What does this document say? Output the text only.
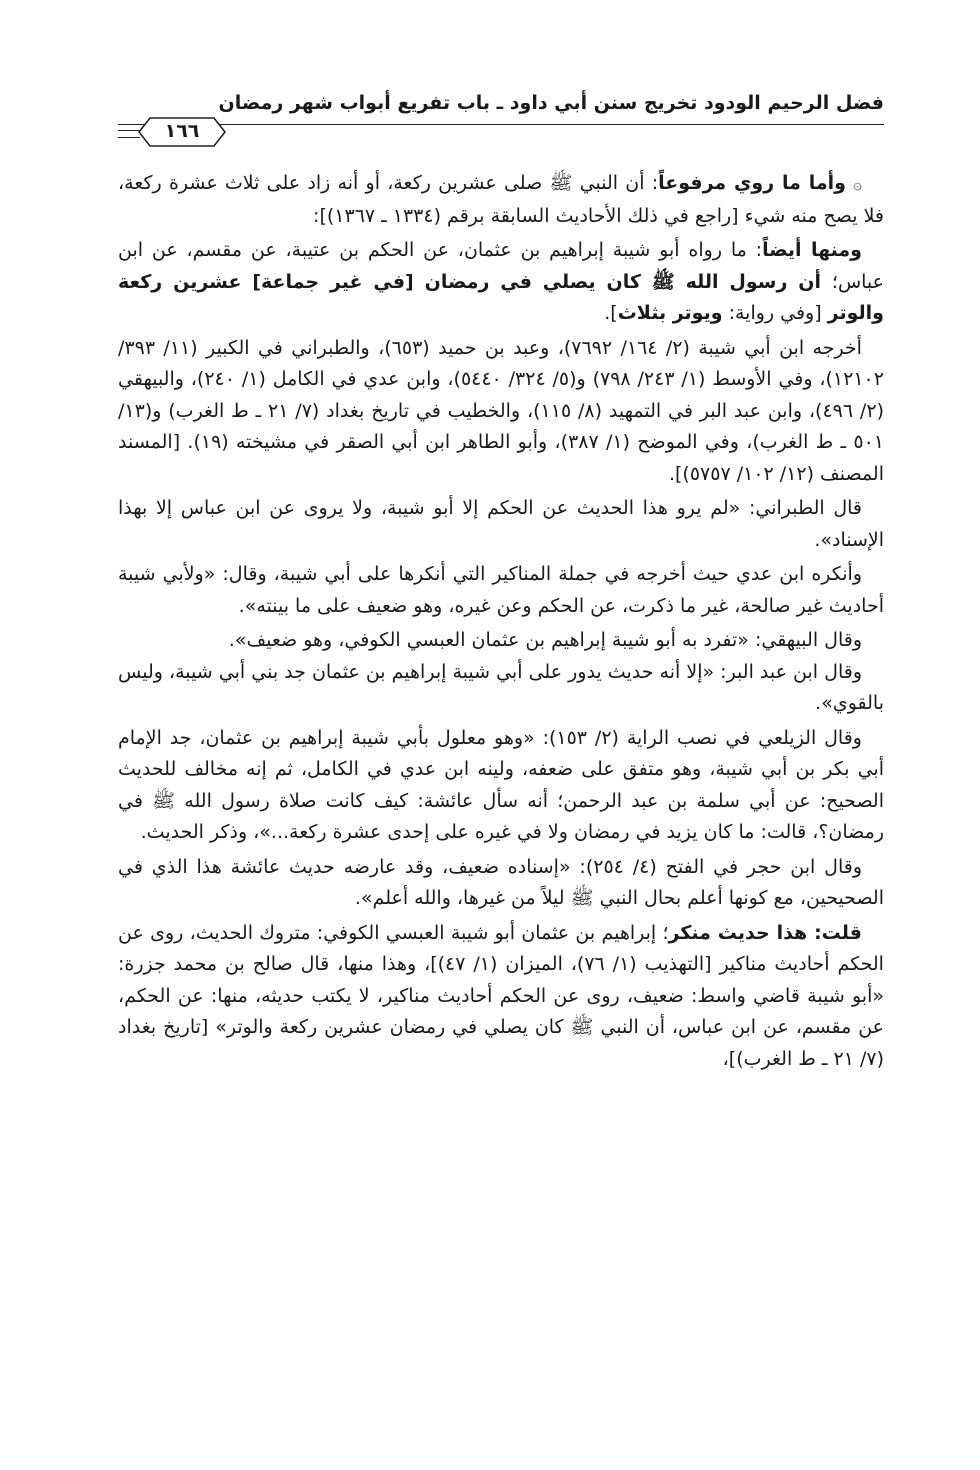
فضل الرحيم الودود تخريج سنن أبي داود ـ باب تفريع أبواب شهر رمضان
١٦٦

۞ وأما ما روي مرفوعاً: أن النبي ﷺ صلى عشرين ركعة، أو أنه زاد على ثلاث عشرة ركعة، فلا يصح منه شيء [راجع في ذلك الأحاديث السابقة برقم (١٣٣٤ ـ ١٣٦٧)]:

ومنها أيضاً: ما رواه أبو شيبة إبراهيم بن عثمان، عن الحكم بن عتيبة، عن مقسم، عن ابن عباس؛ أن رسول الله ﷺ كان يصلي في رمضان [في غير جماعة] عشرين ركعة والوتر [وفي رواية: ويوتر بثلاث].

أخرجه ابن أبي شيبة (٢/ ١٦٤/ ٧٦٩٢)، وعبد بن حميد (٦٥٣)، والطبراني في الكبير (١١/ ٣٩٣/ ١٢١٠٢)، وفي الأوسط (١/ ٢٤٣/ ٧٩٨) و(٥/ ٣٢٤/ ٥٤٤٠)، وابن عدي في الكامل (١/ ٢٤٠)، والبيهقي (٢/ ٤٩٦)، وابن عبد البر في التمهيد (٨/ ١١٥)، والخطيب في تاريخ بغداد (٧/ ٢١ ـ ط الغرب) و(١٣/ ٥٠١ ـ ط الغرب)، وفي الموضح (١/ ٣٨٧)، وأبو الطاهر ابن أبي الصقر في مشيخته (١٩). [المسند المصنف (١٢/ ١٠٢/ ٥٧٥٧)].

قال الطبراني: «لم يرو هذا الحديث عن الحكم إلا أبو شيبة، ولا يروى عن ابن عباس إلا بهذا الإسناد».

وأنكره ابن عدي حيث أخرجه في جملة المناكير التي أنكرها على أبي شيبة، وقال: «ولأبي شيبة أحاديث غير صالحة، غير ما ذكرت، عن الحكم وعن غيره، وهو ضعيف على ما بينته».

وقال البيهقي: «تفرد به أبو شيبة إبراهيم بن عثمان العبسي الكوفي، وهو ضعيف».

وقال ابن عبد البر: «إلا أنه حديث يدور على أبي شيبة إبراهيم بن عثمان جد بني أبي شيبة، وليس بالقوي».

وقال الزيلعي في نصب الراية (٢/ ١٥٣): «وهو معلول بأبي شيبة إبراهيم بن عثمان، جد الإمام أبي بكر بن أبي شيبة، وهو متفق على ضعفه، ولينه ابن عدي في الكامل، ثم إنه مخالف للحديث الصحيح: عن أبي سلمة بن عبد الرحمن؛ أنه سأل عائشة: كيف كانت صلاة رسول الله ﷺ في رمضان؟، قالت: ما كان يزيد في رمضان ولا في غيره على إحدى عشرة ركعة...»، وذكر الحديث.

وقال ابن حجر في الفتح (٤/ ٢٥٤): «إسناده ضعيف، وقد عارضه حديث عائشة هذا الذي في الصحيحين، مع كونها أعلم بحال النبي ﷺ ليلاً من غيرها، والله أعلم».

قلت: هذا حديث منكر؛ إبراهيم بن عثمان أبو شيبة العبسي الكوفي: متروك الحديث، روى عن الحكم أحاديث مناكير [التهذيب (١/ ٧٦)، الميزان (١/ ٤٧)]، وهذا منها، قال صالح بن محمد جزرة: «أبو شيبة قاضي واسط: ضعيف، روى عن الحكم أحاديث مناكير، لا يكتب حديثه، منها: عن الحكم، عن مقسم، عن ابن عباس، أن النبي ﷺ كان يصلي في رمضان عشرين ركعة والوتر» [تاريخ بغداد (٧/ ٢١ ـ ط الغرب)]،
